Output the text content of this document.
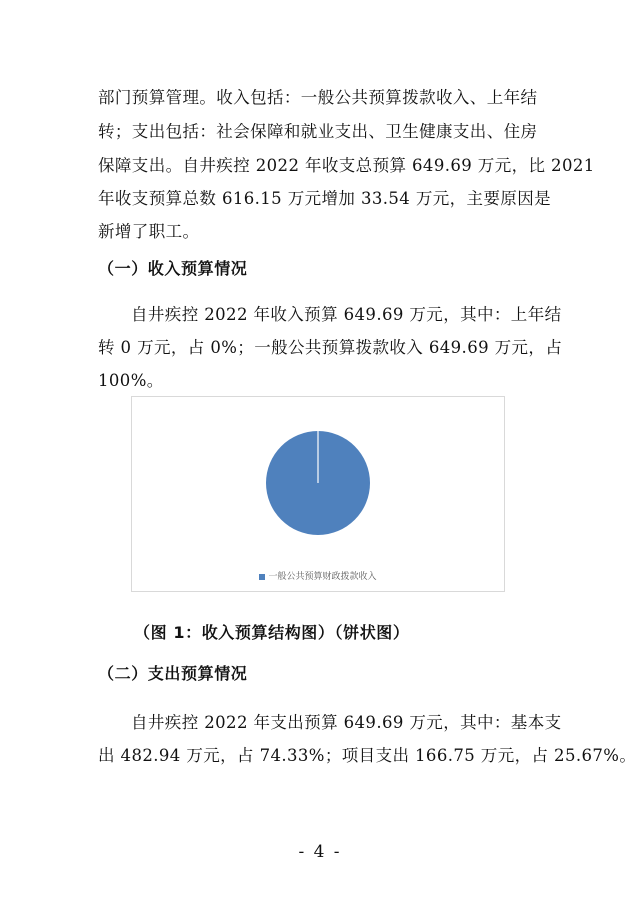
部门预算管理。收入包括：一般公共预算拨款收入、上年结
转；支出包括：社会保障和就业支出、卫生健康支出、住房
保障支出。自井疾控 2022 年收支总预算 649.69 万元，比 2021
年收支预算总数 616.15 万元增加 33.54 万元，主要原因是
新增了职工。
（一）收入预算情况
自井疾控 2022 年收入预算 649.69 万元，其中：上年结
转 0 万元，占 0%；一般公共预算拨款收入 649.69 万元，占
100%。
一般公共预算财政拨款收入
（图 1：收入预算结构图）（饼状图）
（二）支出预算情况
自井疾控 2022 年支出预算 649.69 万元，其中：基本支
出 482.94 万元，占 74.33%；项目支出 166.75 万元，占 25.67%。
- 4 -
